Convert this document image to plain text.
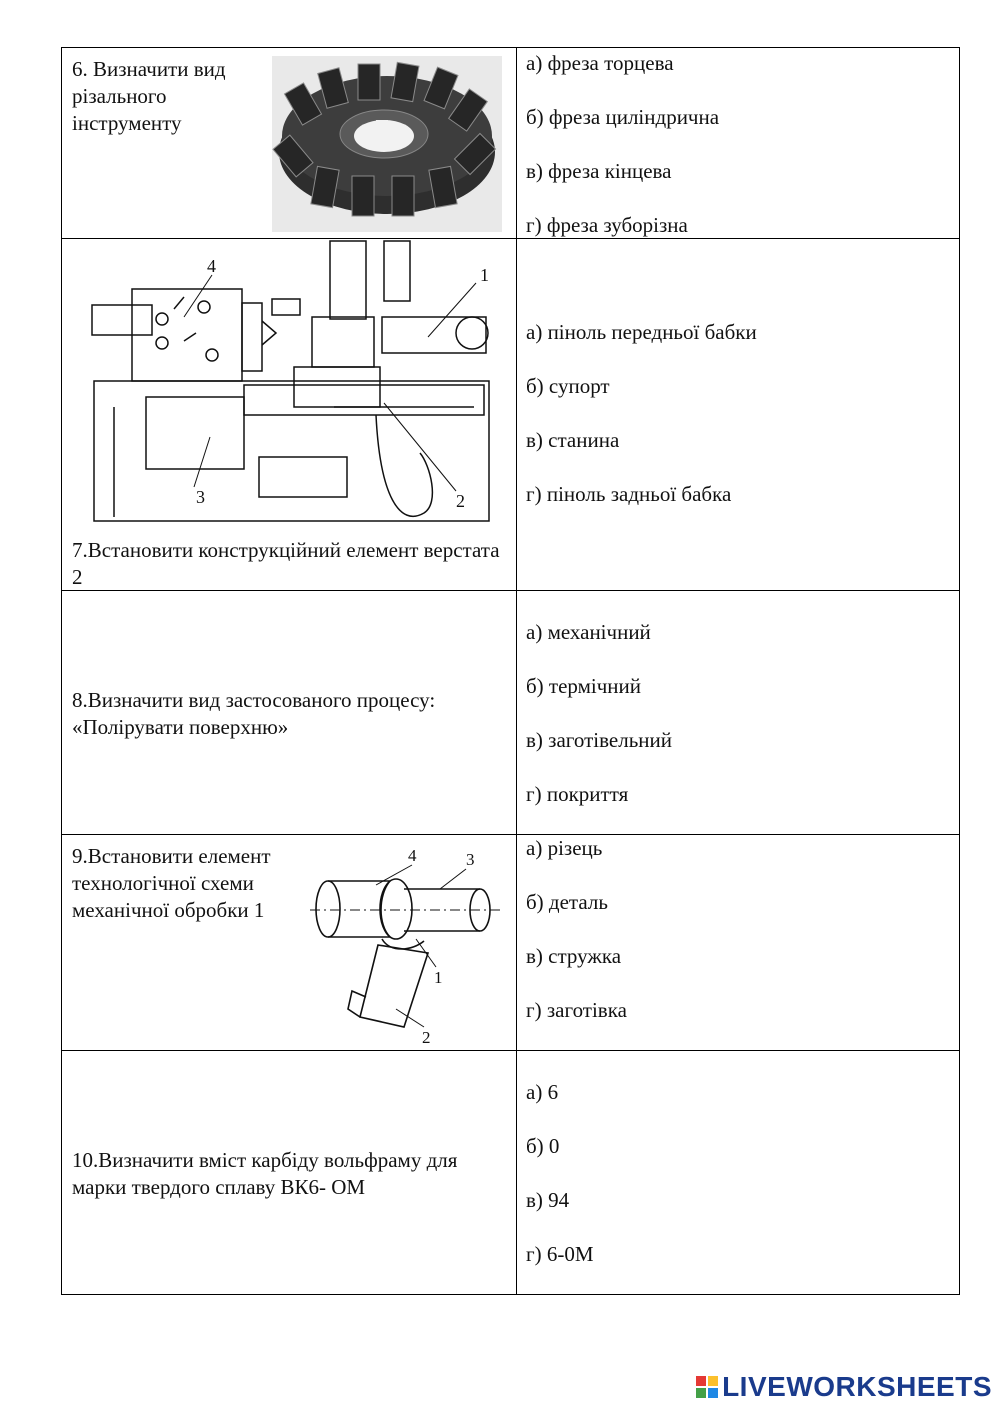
6. Визначити вид різального інструменту
а) фреза торцева
б) фреза циліндрична
в) фреза кінцева
г) фреза зуборізна
4	1
3	2
7.Встановити конструкційний елемент верстата 2
а) піноль передньої бабки
б) супорт
в) станина
г) піноль задньої бабка
8.Визначити вид застосованого процесу: «Полірувати поверхню»
а) механічний
б) термічний
в) заготівельний
г) покриття
9.Встановити елемент технологічної схеми механічної обробки 1
4	3
1
2
а) різець
б) деталь
в) стружка
г) заготівка
10.Визначити вміст карбіду вольфраму для марки твердого сплаву ВК6- ОМ
а) 6
б) 0
в) 94
г) 6-0М
LIVEWORKSHEETS
